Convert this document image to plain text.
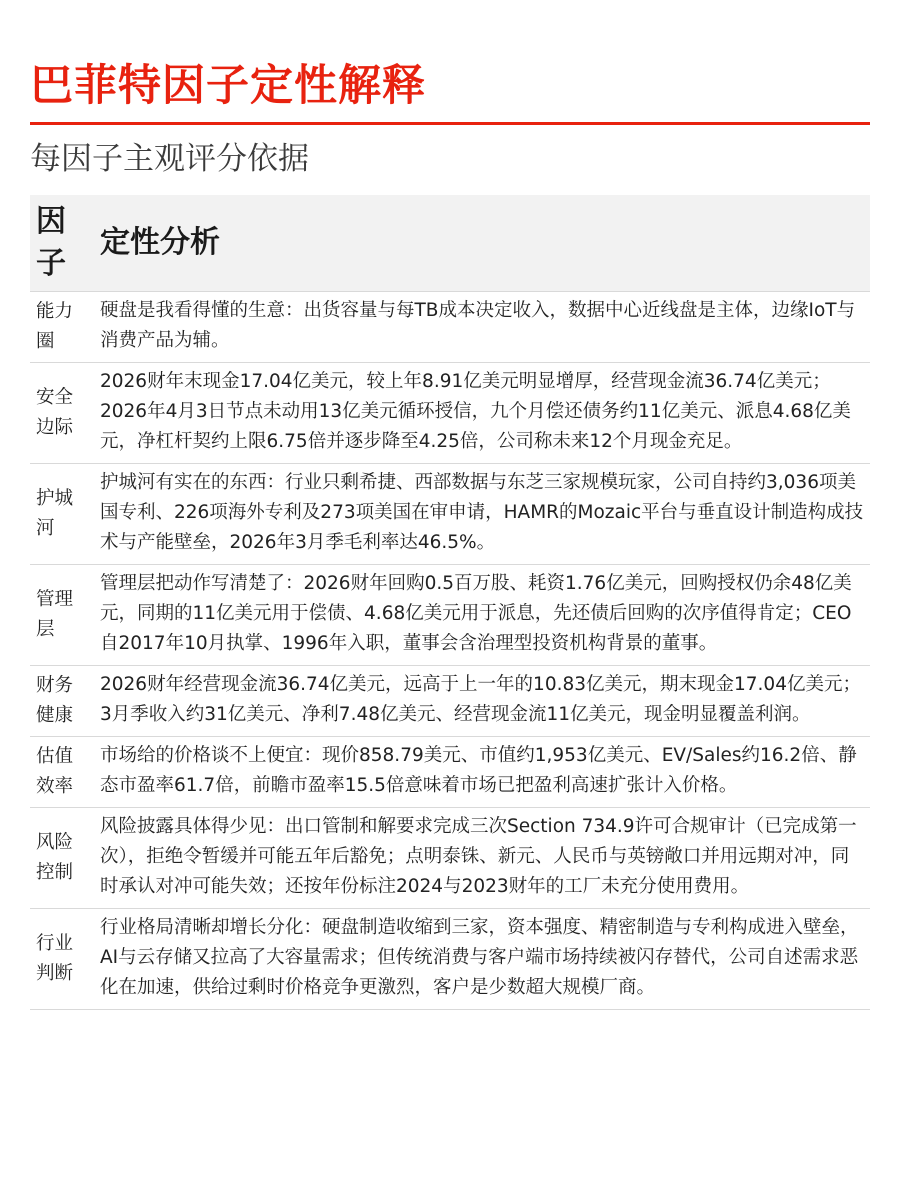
巴菲特因子定性解释
每因子主观评分依据
因子	定性分析

能力圈	硬盘是我看得懂的生意：出货容量与每TB成本决定收入，数据中心近线盘是主体，边缘IoT与消费产品为辅。

安全边际	2026财年末现金17.04亿美元，较上年8.91亿美元明显增厚，经营现金流36.74亿美元；2026年4月3日节点未动用13亿美元循环授信，九个月偿还债务约11亿美元、派息4.68亿美元，净杠杆契约上限6.75倍并逐步降至4.25倍，公司称未来12个月现金充足。

护城河	护城河有实在的东西：行业只剩希捷、西部数据与东芝三家规模玩家，公司自持约3,036项美国专利、226项海外专利及273项美国在审申请，HAMR的Mozaic平台与垂直设计制造构成技术与产能壁垒，2026年3月季毛利率达46.5%。

管理层	管理层把动作写清楚了：2026财年回购0.5百万股、耗资1.76亿美元，回购授权仍余48亿美元，同期的11亿美元用于偿债、4.68亿美元用于派息，先还债后回购的次序值得肯定；CEO自2017年10月执掌、1996年入职，董事会含治理型投资机构背景的董事。

财务健康	2026财年经营现金流36.74亿美元，远高于上一年的10.83亿美元，期末现金17.04亿美元；3月季收入约31亿美元、净利7.48亿美元、经营现金流11亿美元，现金明显覆盖利润。

估值效率	市场给的价格谈不上便宜：现价858.79美元、市值约1,953亿美元、EV/Sales约16.2倍、静态市盈率61.7倍，前瞻市盈率15.5倍意味着市场已把盈利高速扩张计入价格。

风险控制	风险披露具体得少见：出口管制和解要求完成三次Section 734.9许可合规审计（已完成第一次），拒绝令暂缓并可能五年后豁免；点明泰铢、新元、人民币与英镑敞口并用远期对冲，同时承认对冲可能失效；还按年份标注2024与2023财年的工厂未充分使用费用。

行业判断	行业格局清晰却增长分化：硬盘制造收缩到三家，资本强度、精密制造与专利构成进入壁垒，AI与云存储又拉高了大容量需求；但传统消费与客户端市场持续被闪存替代，公司自述需求恶化在加速，供给过剩时价格竞争更激烈，客户是少数超大规模厂商。
